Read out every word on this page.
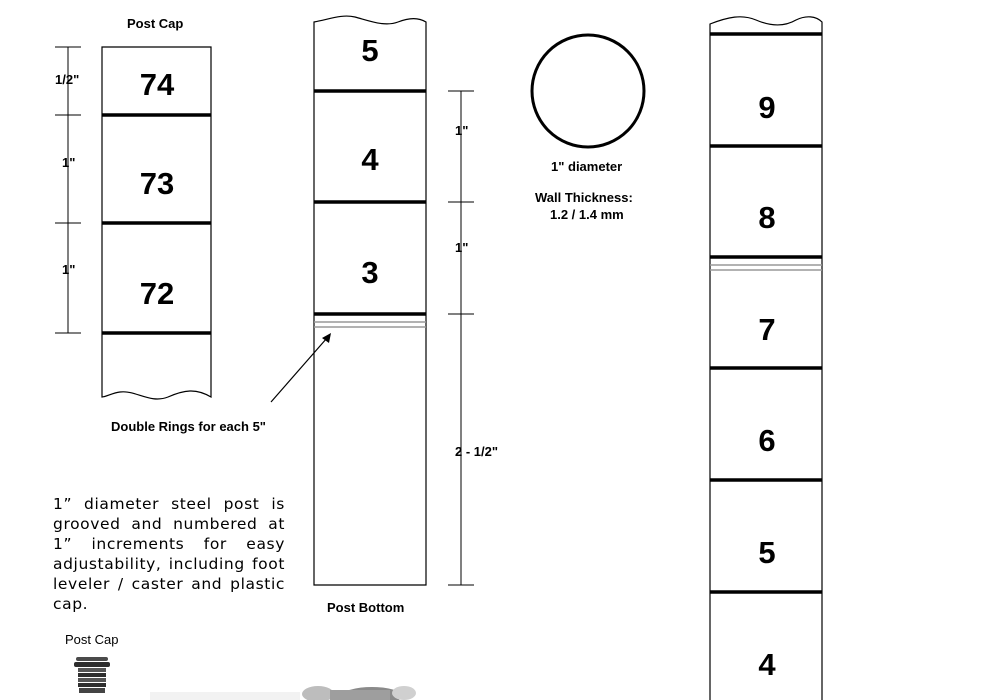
74
73
72
5
4
3
9
8
7
6
5
4
Post Cap
1/2"
1"
1"
1"
1"
2 - 1/2"
Double Rings for each 5"
Post Bottom
1" diameter
Wall Thickness:
1.2 / 1.4 mm
1” diameter steel post is grooved and numbered at 1” increments for easy adjustability, including foot leveler / caster and plastic cap.
Post Cap
